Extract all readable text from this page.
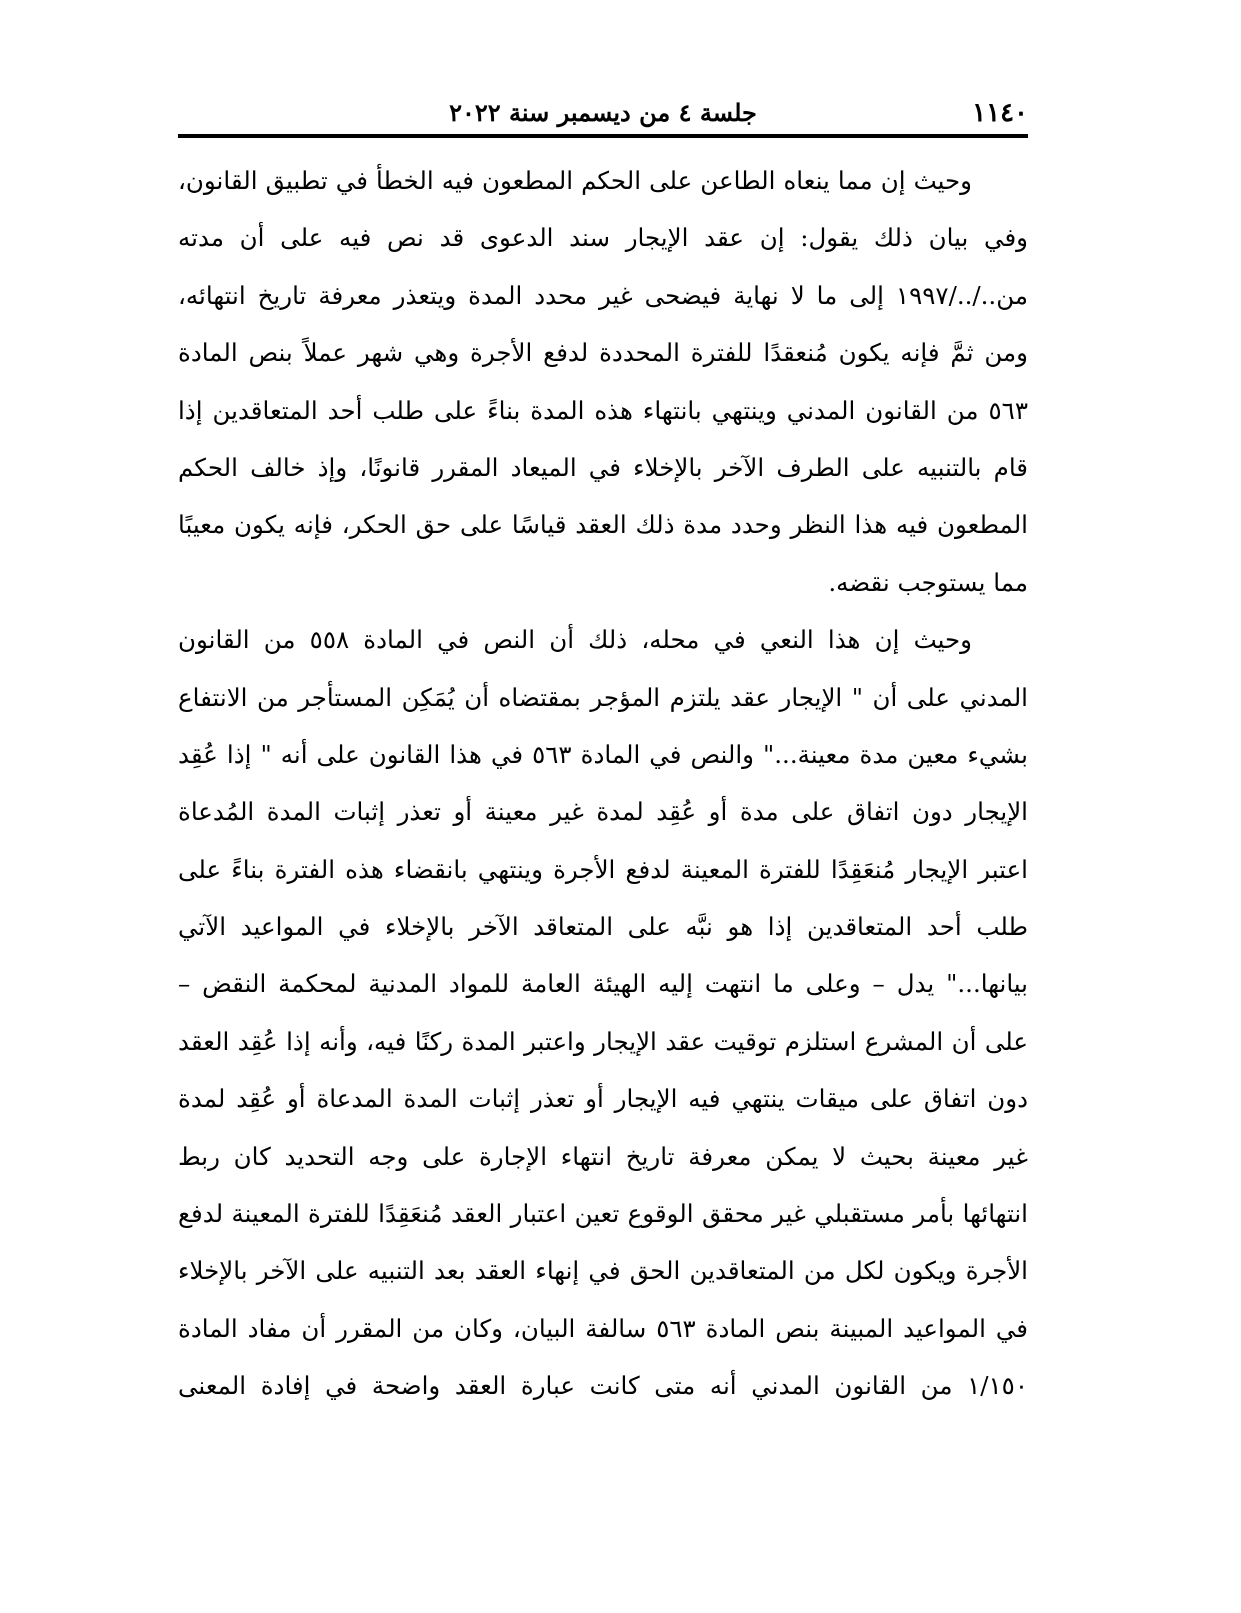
١١٤٠
جلسة ٤ من ديسمبر سنة ٢٠٢٢
وحيث إن مما ينعاه الطاعن على الحكم المطعون فيه الخطأ في تطبيق القانون،
وفي بيان ذلك يقول: إن عقد الإيجار سند الدعوى قد نص فيه على أن مدته
من../../١٩٩٧ إلى ما لا نهاية فيضحى غير محدد المدة ويتعذر معرفة تاريخ انتهائه،
ومن ثمَّ فإنه يكون مُنعقدًا للفترة المحددة لدفع الأجرة وهي شهر عملاً بنص المادة
٥٦٣ من القانون المدني وينتهي بانتهاء هذه المدة بناءً على طلب أحد المتعاقدين إذا
قام بالتنبيه على الطرف الآخر بالإخلاء في الميعاد المقرر قانونًا، وإذ خالف الحكم
المطعون فيه هذا النظر وحدد مدة ذلك العقد قياسًا على حق الحكر، فإنه يكون معيبًا
مما يستوجب نقضه.
وحيث إن هذا النعي في محله، ذلك أن النص في المادة ٥٥٨ من القانون
المدني على أن " الإيجار عقد يلتزم المؤجر بمقتضاه أن يُمَكِن المستأجر من الانتفاع
بشيء معين مدة معينة..." والنص في المادة ٥٦٣ في هذا القانون على أنه " إذا عُقِد
الإيجار دون اتفاق على مدة أو عُقِد لمدة غير معينة أو تعذر إثبات المدة المُدعاة
اعتبر الإيجار مُنعَقِدًا للفترة المعينة لدفع الأجرة وينتهي بانقضاء هذه الفترة بناءً على
طلب أحد المتعاقدين إذا هو نبَّه على المتعاقد الآخر بالإخلاء في المواعيد الآتي
بيانها..." يدل – وعلى ما انتهت إليه الهيئة العامة للمواد المدنية لمحكمة النقض –
على أن المشرع استلزم توقيت عقد الإيجار واعتبر المدة ركنًا فيه، وأنه إذا عُقِد العقد
دون اتفاق على ميقات ينتهي فيه الإيجار أو تعذر إثبات المدة المدعاة أو عُقِد لمدة
غير معينة بحيث لا يمكن معرفة تاريخ انتهاء الإجارة على وجه التحديد كان ربط
انتهائها بأمر مستقبلي غير محقق الوقوع تعين اعتبار العقد مُنعَقِدًا للفترة المعينة لدفع
الأجرة ويكون لكل من المتعاقدين الحق في إنهاء العقد بعد التنبيه على الآخر بالإخلاء
في المواعيد المبينة بنص المادة ٥٦٣ سالفة البيان، وكان من المقرر أن مفاد المادة
١/١٥٠ من القانون المدني أنه متى كانت عبارة العقد واضحة في إفادة المعنى
